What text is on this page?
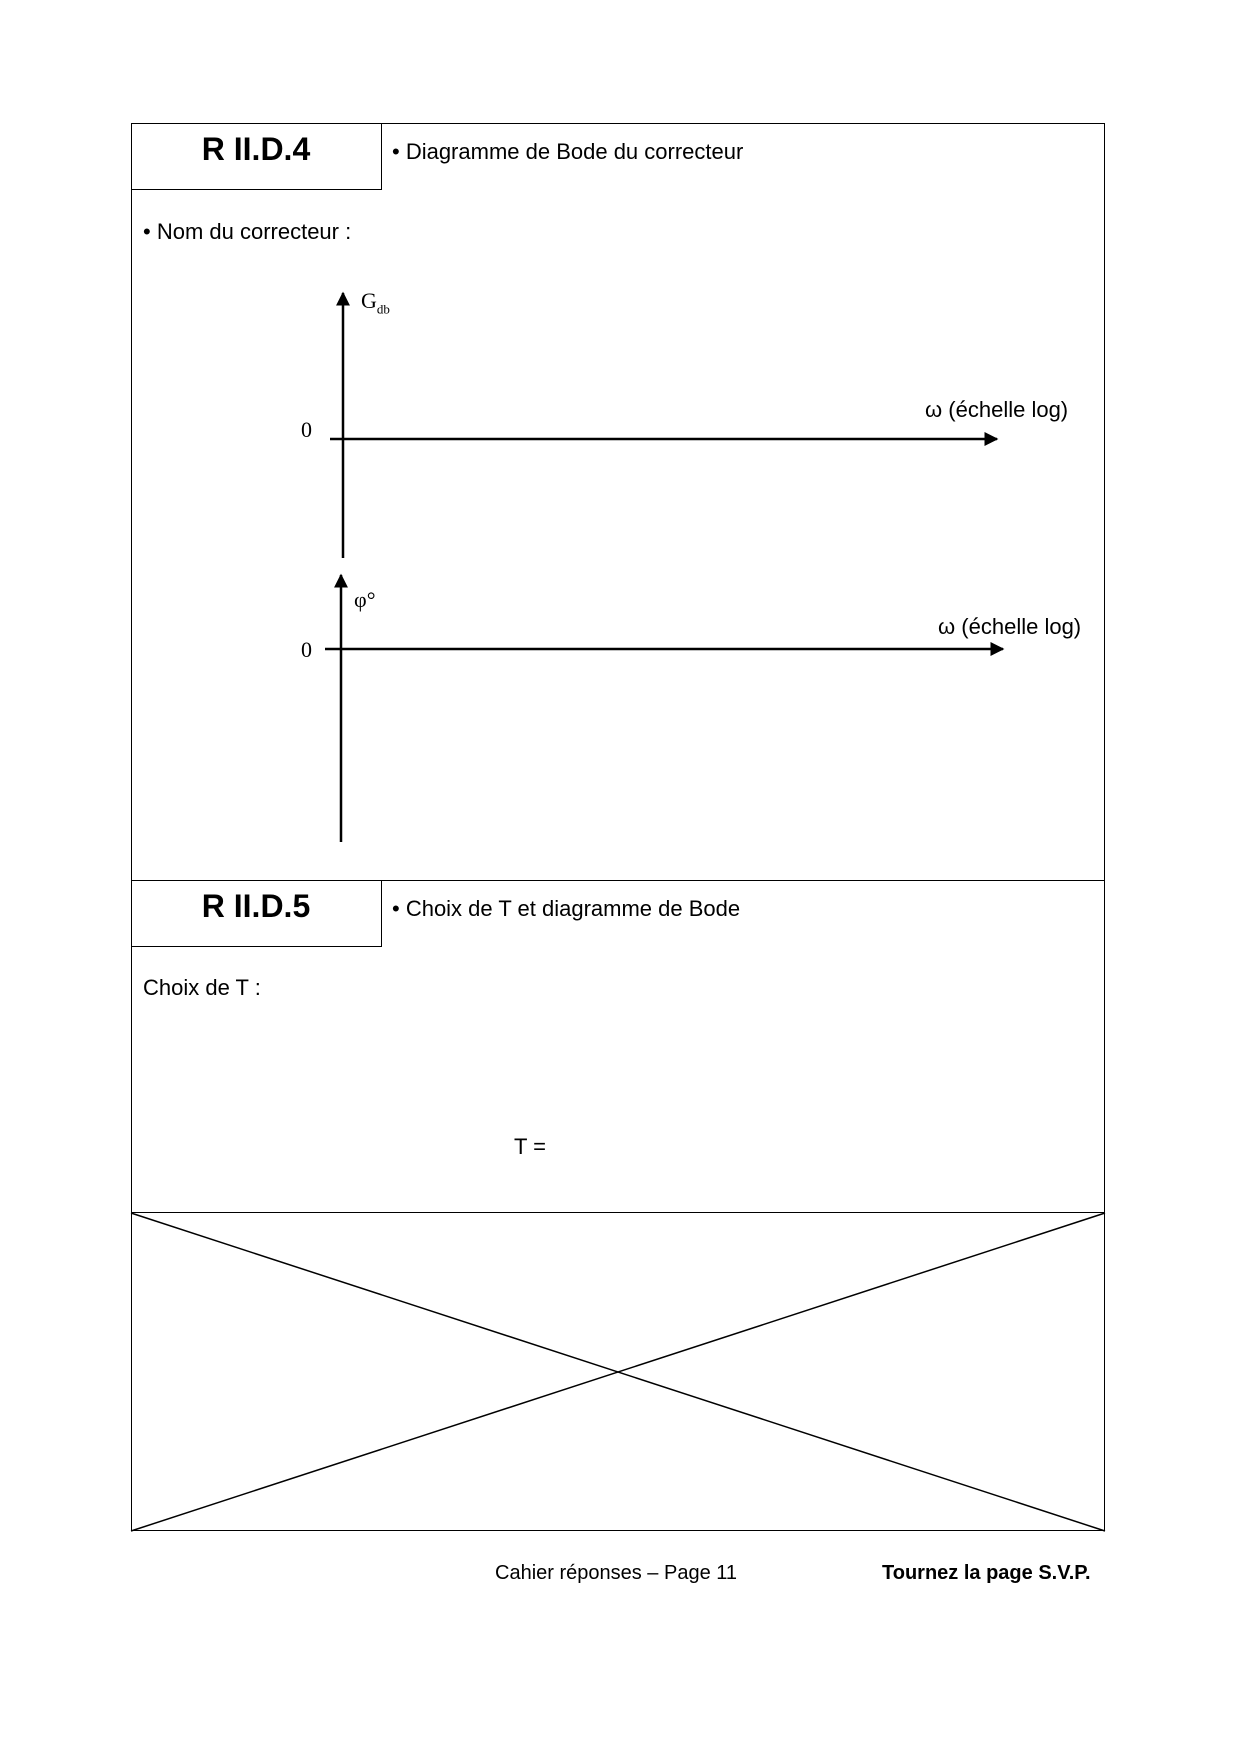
R II.D.4	• Diagramme de Bode du correcteur
• Nom du correcteur :
$G_{db}$
0
ω (échelle log)
φ°
0
ω (échelle log)
R II.D.5	• Choix de T et diagramme de Bode
Choix de T :
T =
Cahier réponses – Page 11	Tournez la page S.V.P.
